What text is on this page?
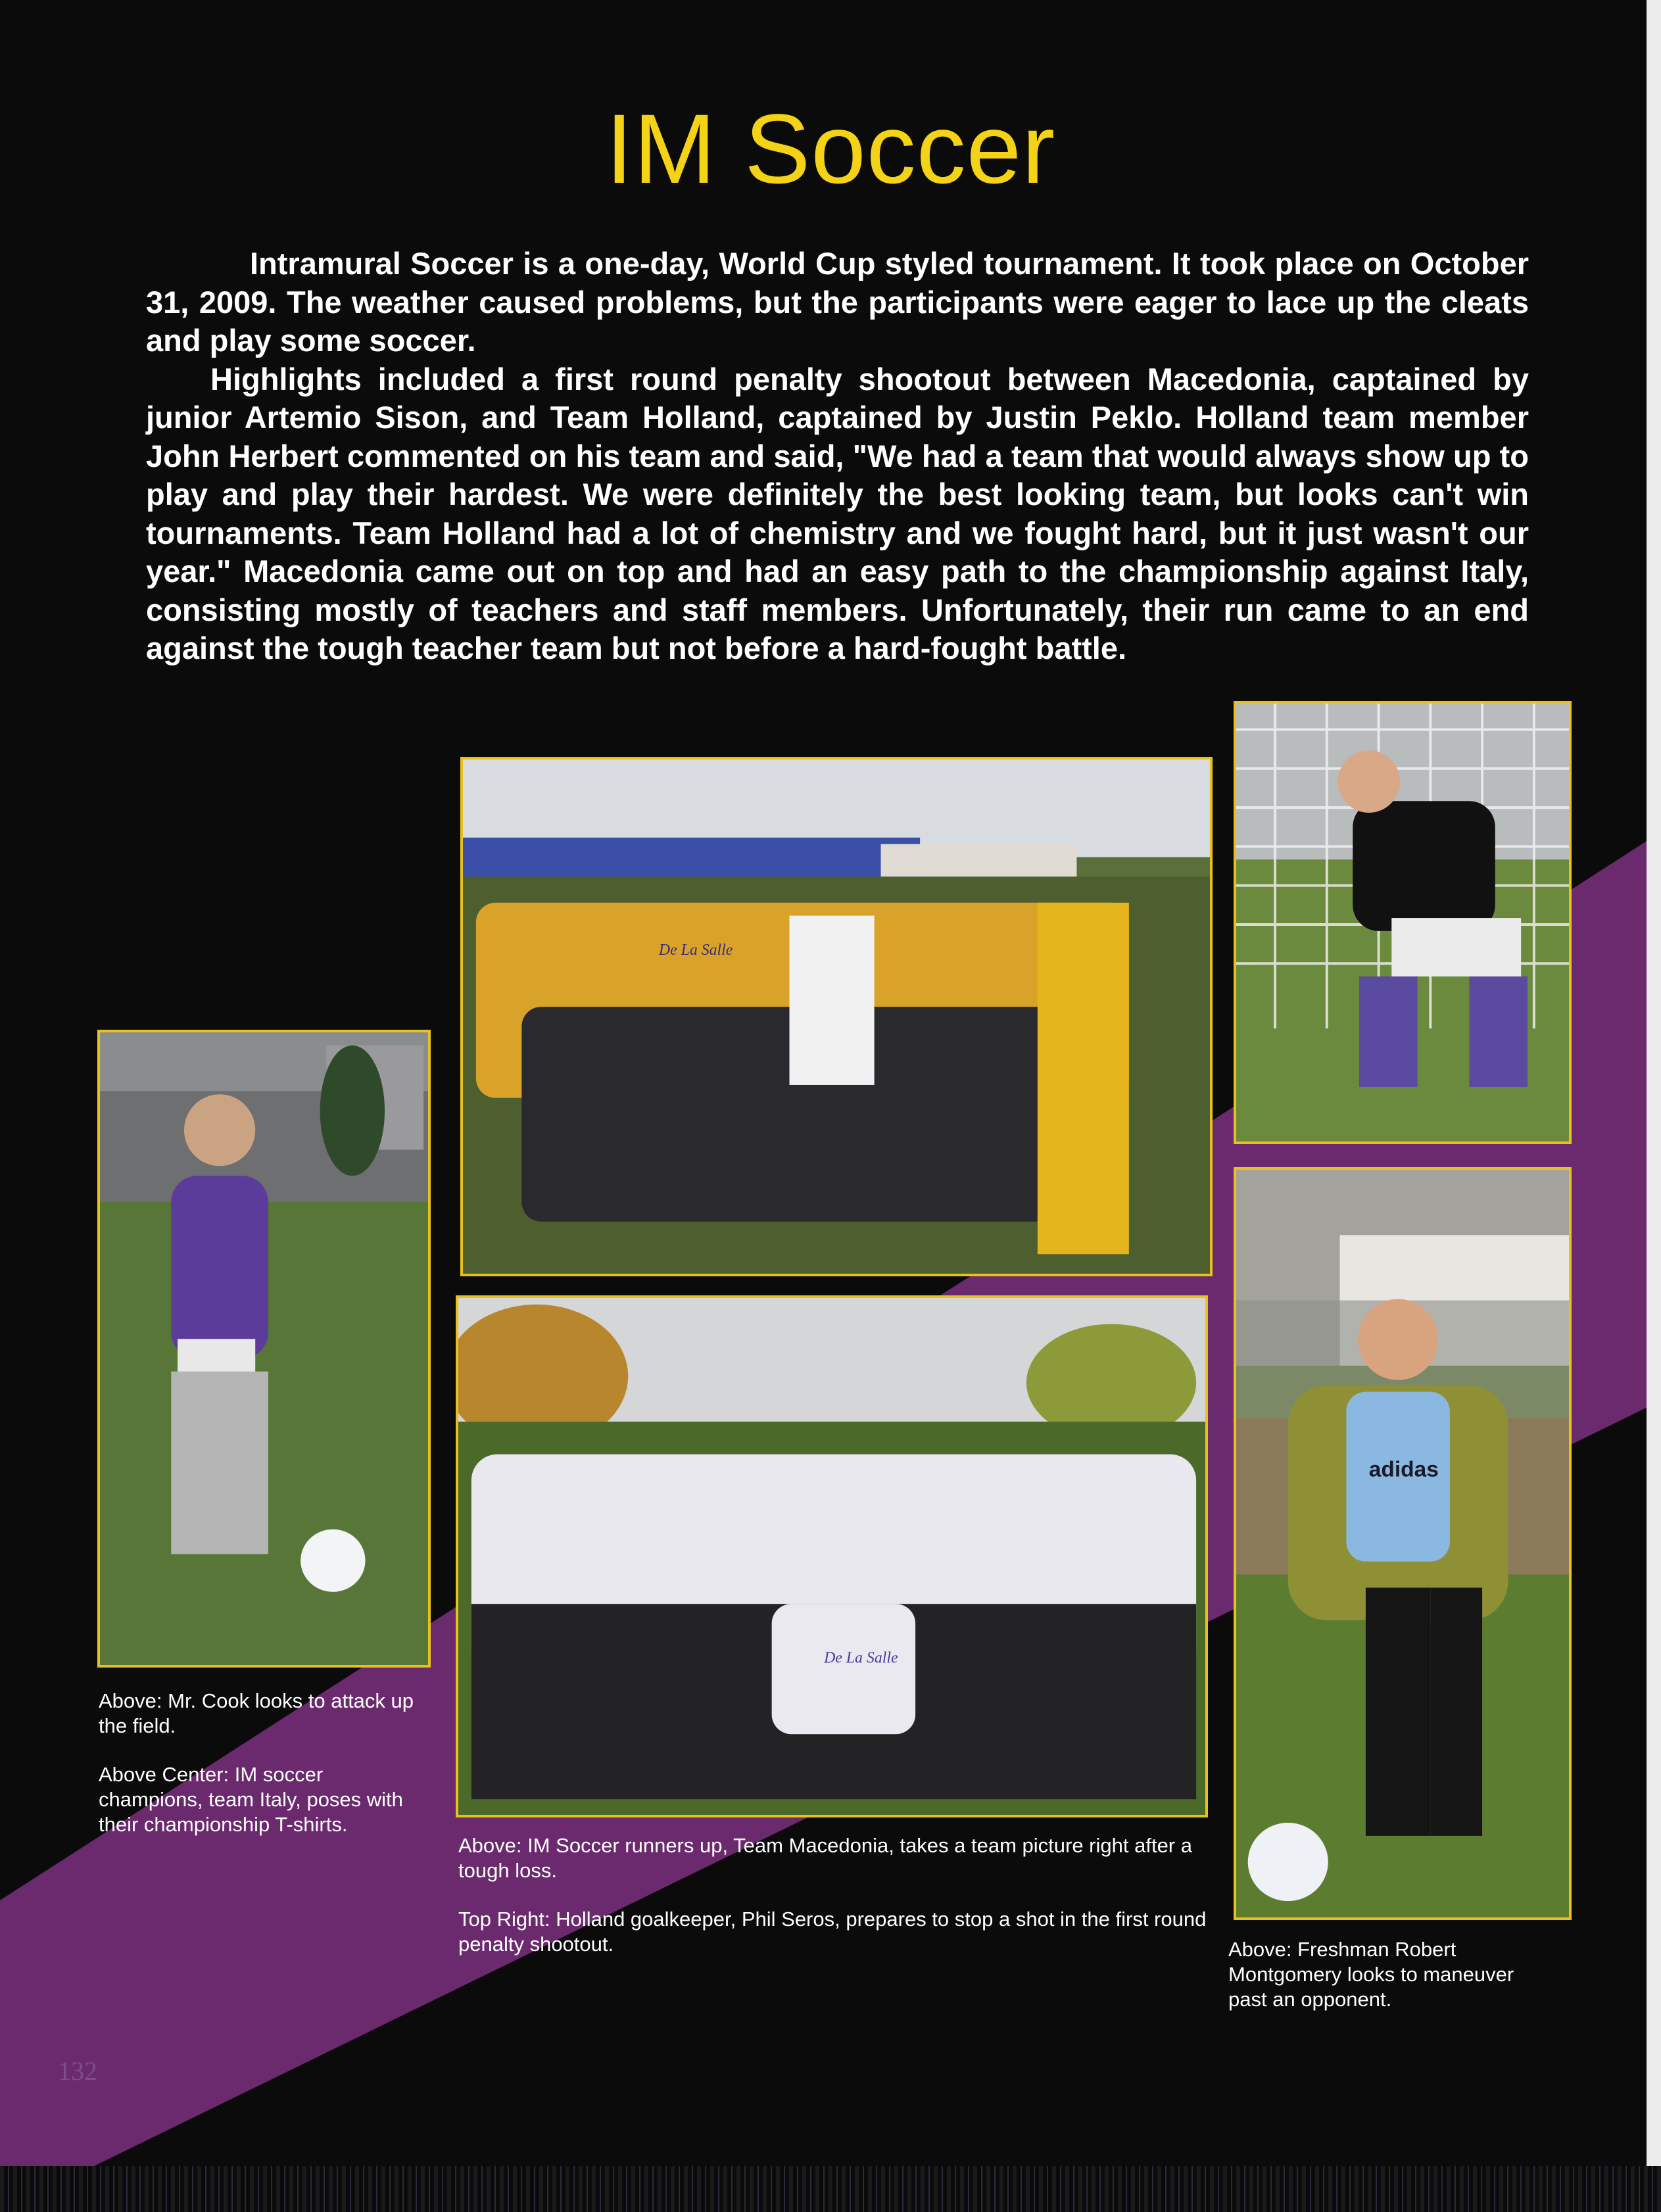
IM Soccer

Intramural Soccer is a one-day, World Cup styled tournament. It took place on October 31, 2009. The weather caused problems, but the participants were eager to lace up the cleats and play some soccer.

Highlights included a first round penalty shootout between Macedonia, captained by junior Artemio Sison, and Team Holland, captained by Justin Peklo. Holland team member John Herbert commented on his team and said, "We had a team that would always show up to play and play their hardest. We were definitely the best looking team, but looks can't win tournaments. Team Holland had a lot of chemistry and we fought hard, but it just wasn't our year." Macedonia came out on top and had an easy path to the championship against Italy, consisting mostly of teachers and staff members. Unfortunately, their run came to an end against the tough teacher team but not before a hard-fought battle.

De La Salle
De La Salle
adidas

Above: Mr. Cook looks to attack up the field.

Above Center: IM soccer champions, team Italy, poses with their championship T-shirts.

Above: IM Soccer runners up, Team Macedonia, takes a team picture right after a tough loss.

Top Right: Holland goalkeeper, Phil Seros, prepares to stop a shot in the first round penalty shootout.	Above: Freshman Robert Montgomery looks to maneuver past an opponent.

132
